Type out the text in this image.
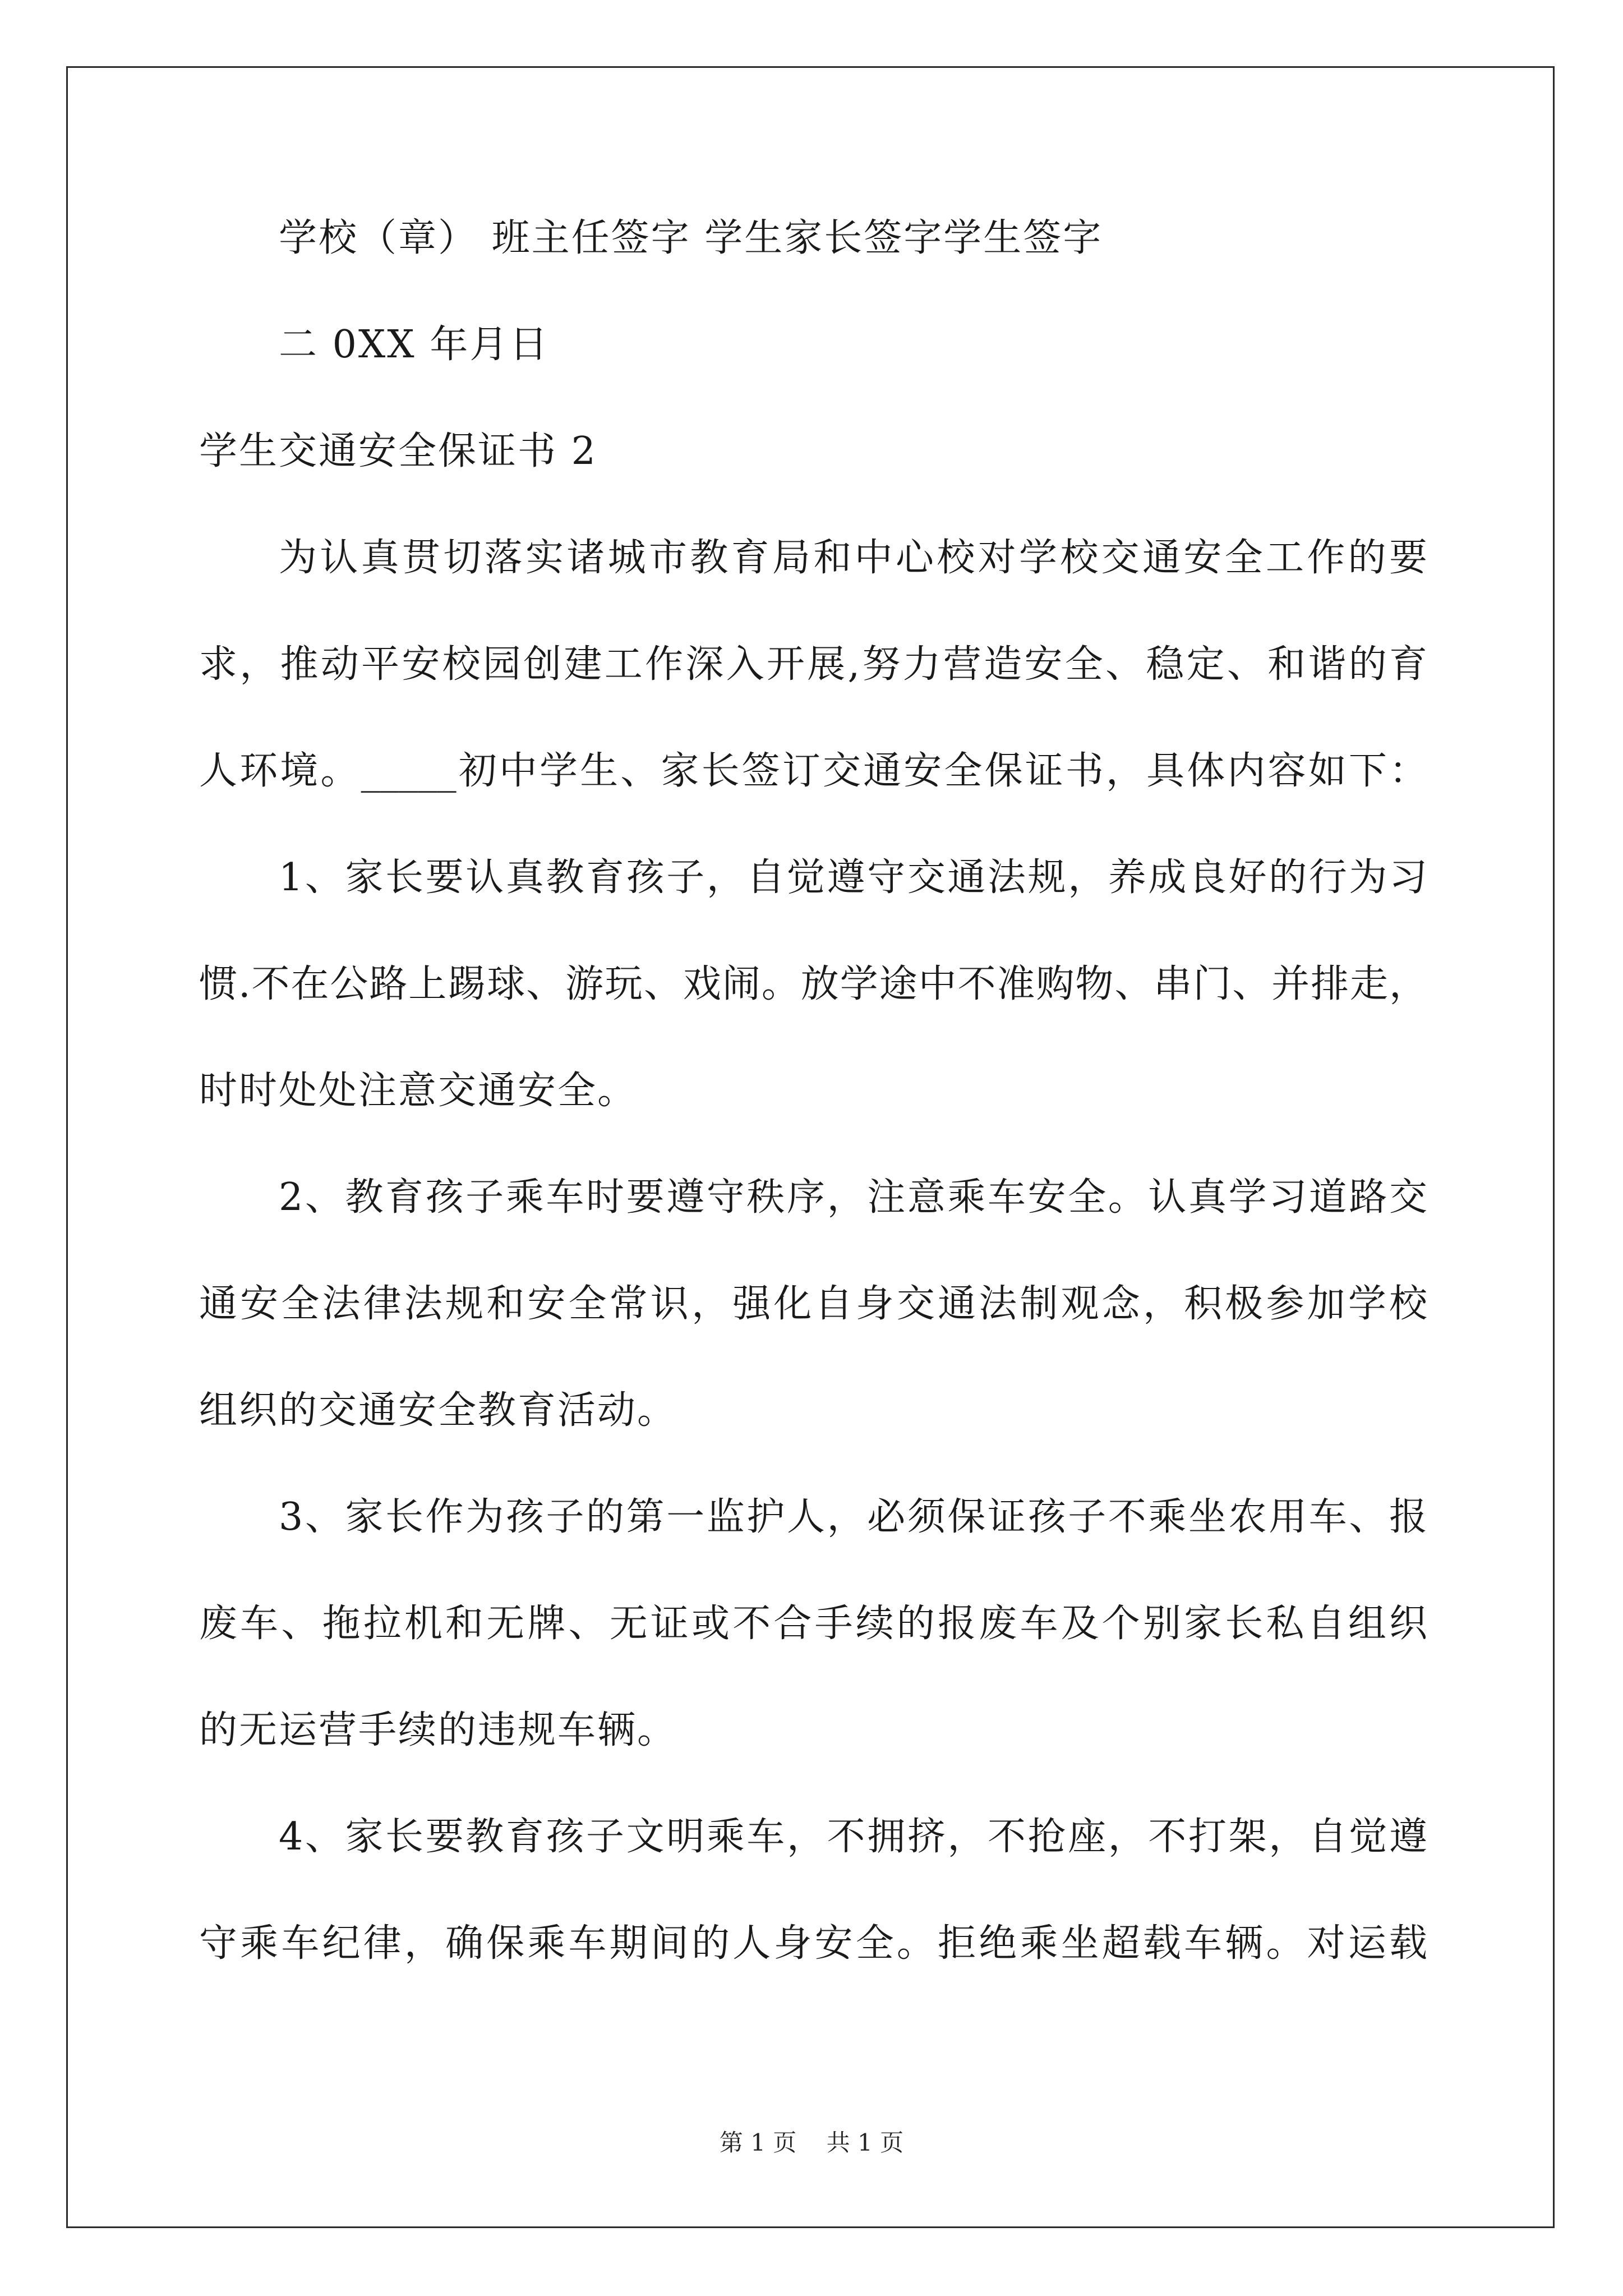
学校（章） 班主任签字 学生家长签字学生签字
二 0XX 年月日
学生交通安全保证书 2
为认真贯切落实诸城市教育局和中心校对学校交通安全工作的要
求，推动平安校园创建工作深入开展,努力营造安全、稳定、和谐的育
人环境。_____初中学生、家长签订交通安全保证书，具体内容如下：
1、家长要认真教育孩子，自觉遵守交通法规，养成良好的行为习
惯.不在公路上踢球、游玩、戏闹。放学途中不准购物、串门、并排走，
时时处处注意交通安全。
2、教育孩子乘车时要遵守秩序，注意乘车安全。认真学习道路交
通安全法律法规和安全常识，强化自身交通法制观念，积极参加学校
组织的交通安全教育活动。
3、家长作为孩子的第一监护人，必须保证孩子不乘坐农用车、报
废车、拖拉机和无牌、无证或不合手续的报废车及个别家长私自组织
的无运营手续的违规车辆。
4、家长要教育孩子文明乘车，不拥挤，不抢座，不打架，自觉遵
守乘车纪律，确保乘车期间的人身安全。拒绝乘坐超载车辆。对运载
第 1 页    共 1 页
